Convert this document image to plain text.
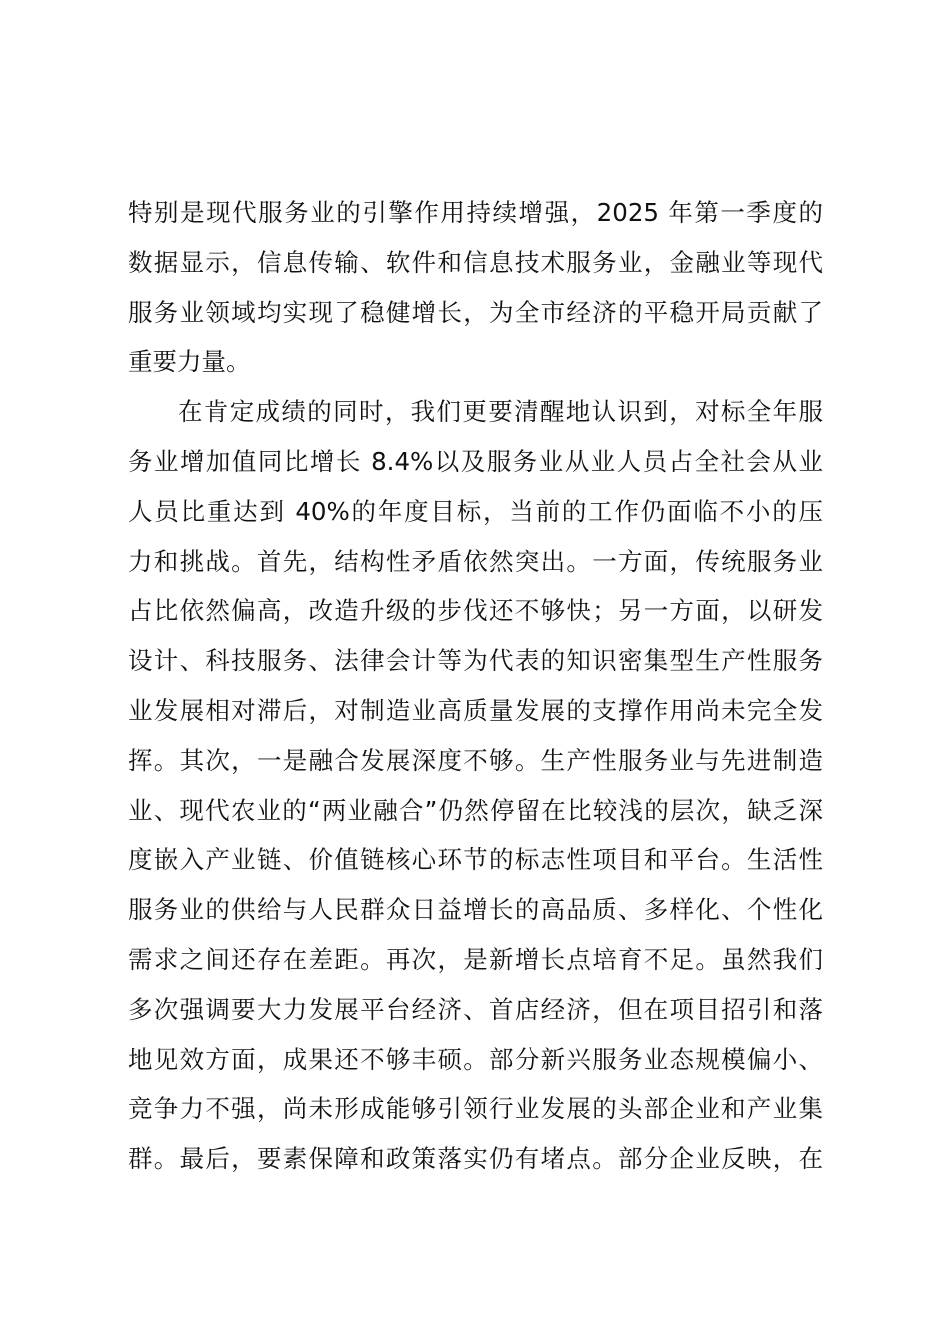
特别是现代服务业的引擎作用持续增强，2025 年第一季度的
数据显示，信息传输、软件和信息技术服务业，金融业等现代
服务业领域均实现了稳健增长，为全市经济的平稳开局贡献了
重要力量。
在肯定成绩的同时，我们更要清醒地认识到，对标全年服
务业增加值同比增长 8.4%以及服务业从业人员占全社会从业
人员比重达到 40%的年度目标，当前的工作仍面临不小的压
力和挑战。首先，结构性矛盾依然突出。一方面，传统服务业
占比依然偏高，改造升级的步伐还不够快；另一方面，以研发
设计、科技服务、法律会计等为代表的知识密集型生产性服务
业发展相对滞后，对制造业高质量发展的支撑作用尚未完全发
挥。其次，一是融合发展深度不够。生产性服务业与先进制造
业、现代农业的“两业融合”仍然停留在比较浅的层次，缺乏深
度嵌入产业链、价值链核心环节的标志性项目和平台。生活性
服务业的供给与人民群众日益增长的高品质、多样化、个性化
需求之间还存在差距。再次，是新增长点培育不足。虽然我们
多次强调要大力发展平台经济、首店经济，但在项目招引和落
地见效方面，成果还不够丰硕。部分新兴服务业态规模偏小、
竞争力不强，尚未形成能够引领行业发展的头部企业和产业集
群。最后，要素保障和政策落实仍有堵点。部分企业反映，在
